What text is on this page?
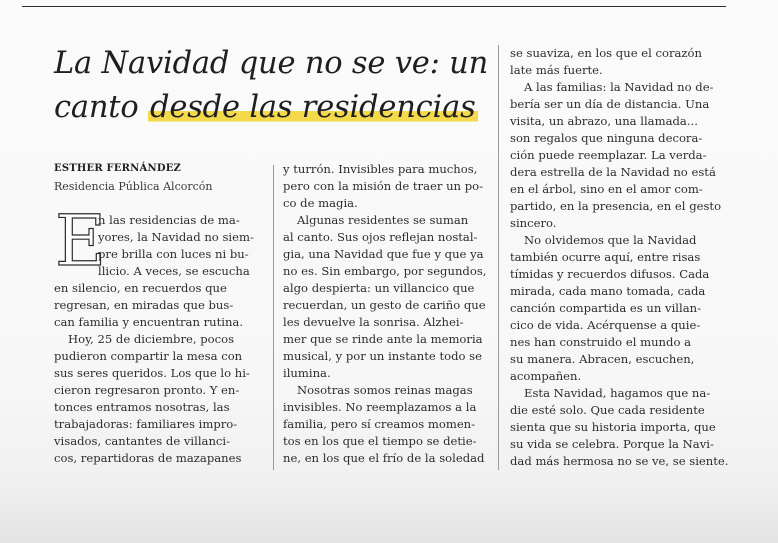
La Navidad que no se ve: un
canto desde las residencias

ESTHER FERNÁNDEZ

Residencia Pública Alcorcón

E
n las residencias de ma-
yores, la Navidad no siem-
pre brilla con luces ni bu-
llicio. A veces, se escucha
en silencio, en recuerdos que
regresan, en miradas que bus-
can familia y encuentran rutina.
Hoy, 25 de diciembre, pocos
pudieron compartir la mesa con
sus seres queridos. Los que lo hi-
cieron regresaron pronto. Y en-
tonces entramos nosotras, las
trabajadoras: familiares impro-
visados, cantantes de villanci-
cos, repartidoras de mazapanes
y turrón. Invisibles para muchos,
pero con la misión de traer un po-
co de magia.
Algunas residentes se suman
al canto. Sus ojos reflejan nostal-
gia, una Navidad que fue y que ya
no es. Sin embargo, por segundos,
algo despierta: un villancico que
recuerdan, un gesto de cariño que
les devuelve la sonrisa. Alzhei-
mer que se rinde ante la memoria
musical, y por un instante todo se
ilumina.
Nosotras somos reinas magas
invisibles. No reemplazamos a la
familia, pero sí creamos momen-
tos en los que el tiempo se detie-
ne, en los que el frío de la soledad
se suaviza, en los que el corazón
late más fuerte.
A las familias: la Navidad no de-
bería ser un día de distancia. Una
visita, un abrazo, una llamada...
son regalos que ninguna decora-
ción puede reemplazar. La verda-
dera estrella de la Navidad no está
en el árbol, sino en el amor com-
partido, en la presencia, en el gesto
sincero.
No olvidemos que la Navidad
también ocurre aquí, entre risas
tímidas y recuerdos difusos. Cada
mirada, cada mano tomada, cada
canción compartida es un villan-
cico de vida. Acérquense a quie-
nes han construido el mundo a
su manera. Abracen, escuchen,
acompañen.
Esta Navidad, hagamos que na-
die esté solo. Que cada residente
sienta que su historia importa, que
su vida se celebra. Porque la Navi-
dad más hermosa no se ve, se siente.
